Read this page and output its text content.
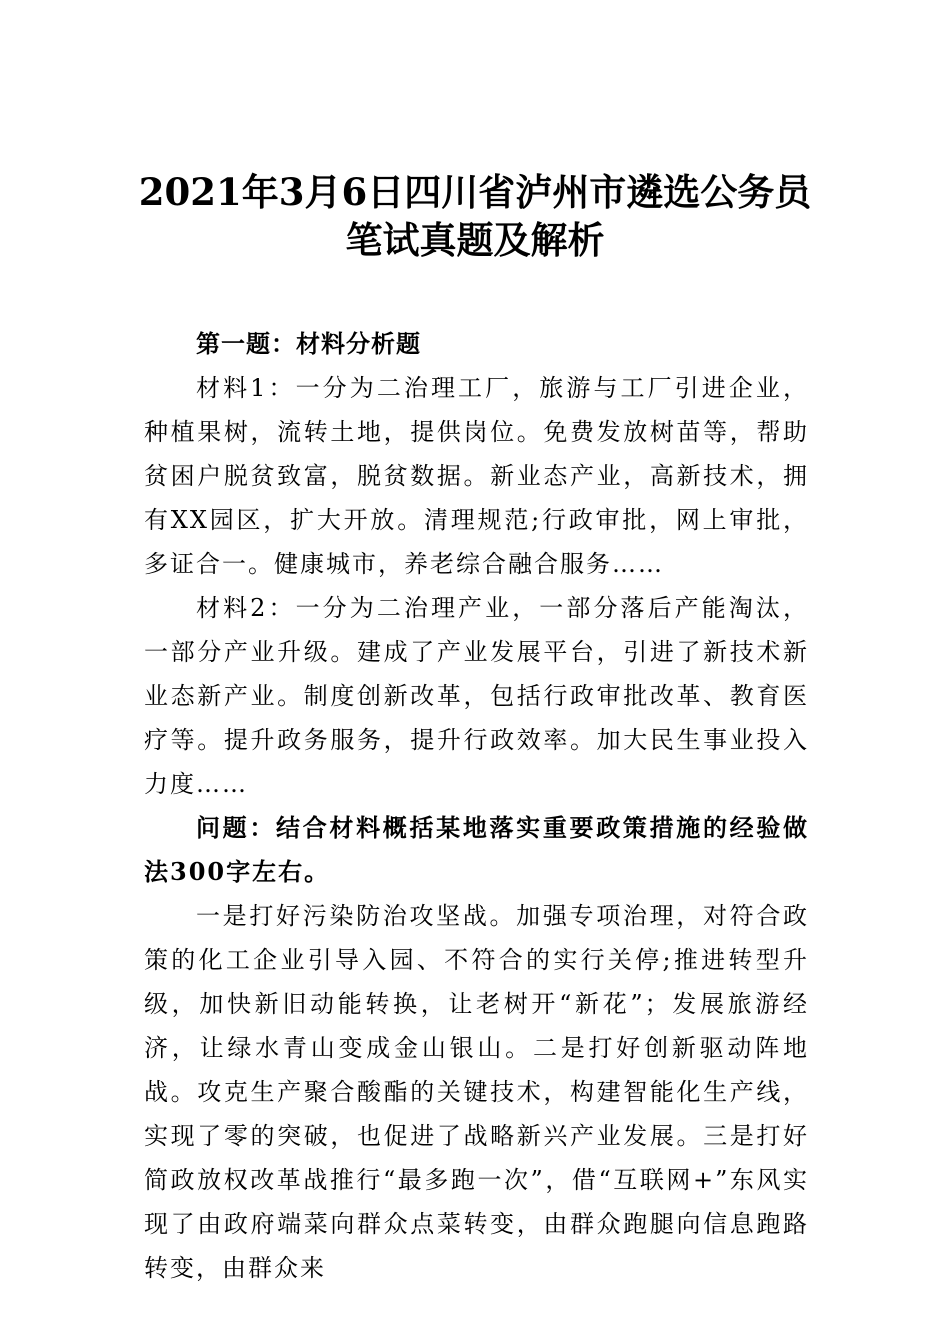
2021年3月6日四川省泸州市遴选公务员
笔试真题及解析

第一题：材料分析题

材料1：一分为二治理工厂，旅游与工厂引进企业，种植果树，流转土地，提供岗位。免费发放树苗等，帮助贫困户脱贫致富，脱贫数据。新业态产业，高新技术，拥有XX园区，扩大开放。清理规范;行政审批，网上审批，多证合一。健康城市，养老综合融合服务……

材料2：一分为二治理产业，一部分落后产能淘汰，一部分产业升级。建成了产业发展平台，引进了新技术新业态新产业。制度创新改革，包括行政审批改革、教育医疗等。提升政务服务，提升行政效率。加大民生事业投入力度……

问题：结合材料概括某地落实重要政策措施的经验做法300字左右。

一是打好污染防治攻坚战。加强专项治理，对符合政策的化工企业引导入园、不符合的实行关停;推进转型升级，加快新旧动能转换，让老树开“新花”；发展旅游经济，让绿水青山变成金山银山。二是打好创新驱动阵地战。攻克生产聚合酸酯的关键技术，构建智能化生产线，实现了零的突破，也促进了战略新兴产业发展。三是打好简政放权改革战推行“最多跑一次”，借“互联网+”东风实现了由政府端菜向群众点菜转变，由群众跑腿向信息跑路转变，由群众来
